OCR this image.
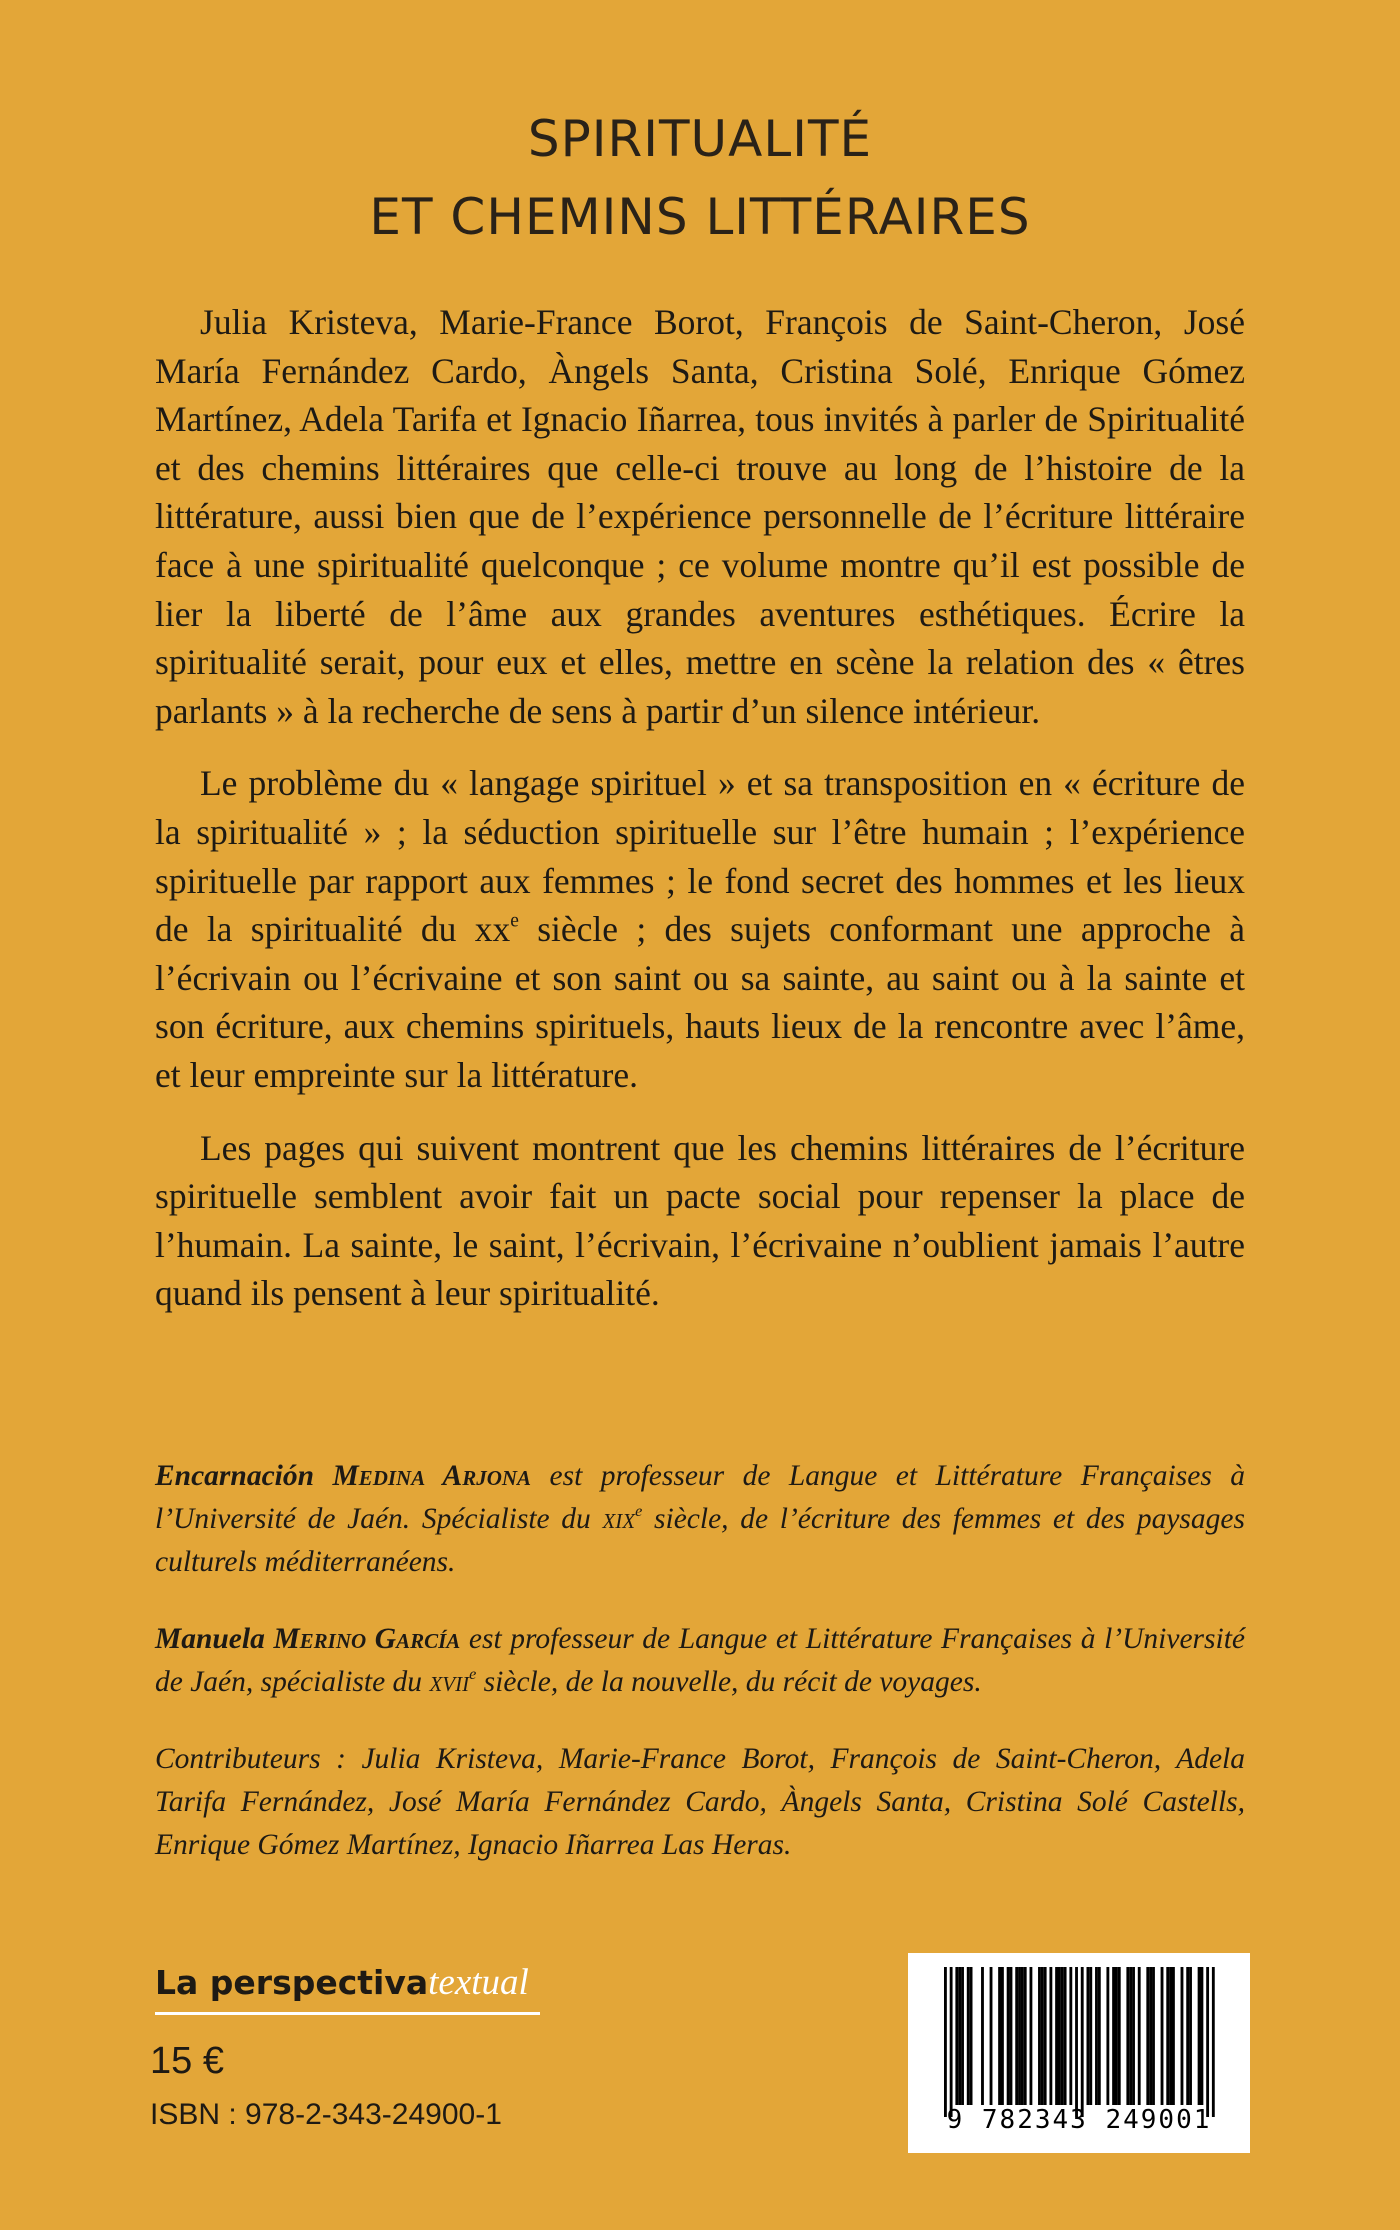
SPIRITUALITÉ
ET CHEMINS LITTÉRAIRES

Julia Kristeva, Marie-France Borot, François de Saint-Cheron, José María Fernández Cardo, Àngels Santa, Cristina Solé, Enrique Gómez Martínez, Adela Tarifa et Ignacio Iñarrea, tous invités à parler de Spiritualité et des chemins littéraires que celle-ci trouve au long de l’histoire de la littérature, aussi bien que de l’expérience personnelle de l’écriture littéraire face à une spiritualité quelconque ; ce volume montre qu’il est possible de lier la liberté de l’âme aux grandes aventures esthétiques. Écrire la spiritualité serait, pour eux et elles, mettre en scène la relation des « êtres parlants » à la recherche de sens à partir d’un silence intérieur.

Le problème du « langage spirituel » et sa transposition en « écriture de la spiritualité » ; la séduction spirituelle sur l’être humain ; l’expérience spirituelle par rapport aux femmes ; le fond secret des hommes et les lieux de la spiritualité du $xx^e$ siècle ; des sujets conformant une approche à l’écrivain ou l’écrivaine et son saint ou sa sainte, au saint ou à la sainte et son écriture, aux chemins spirituels, hauts lieux de la rencontre avec l’âme, et leur empreinte sur la littérature.

Les pages qui suivent montrent que les chemins littéraires de l’écriture spirituelle semblent avoir fait un pacte social pour repenser la place de l’humain. La sainte, le saint, l’écrivain, l’écrivaine n’oublient jamais l’autre quand ils pensent à leur spiritualité.

Encarnación Medina Arjona est professeur de Langue et Littérature Françaises à l’Université de Jaén. Spécialiste du xix$^e$ siècle, de l’écriture des femmes et des paysages culturels méditerranéens.

Manuela Merino García est professeur de Langue et Littérature Françaises à l’Université de Jaén, spécialiste du xvii$^e$ siècle, de la nouvelle, du récit de voyages.

Contributeurs : Julia Kristeva, Marie-France Borot, François de Saint-Cheron, Adela Tarifa Fernández, José María Fernández Cardo, Àngels Santa, Cristina Solé Castells, Enrique Gómez Martínez, Ignacio Iñarrea Las Heras.

La perspectivatextual
15 €
ISBN : 978-2-343-24900-1	9 782343 249001
